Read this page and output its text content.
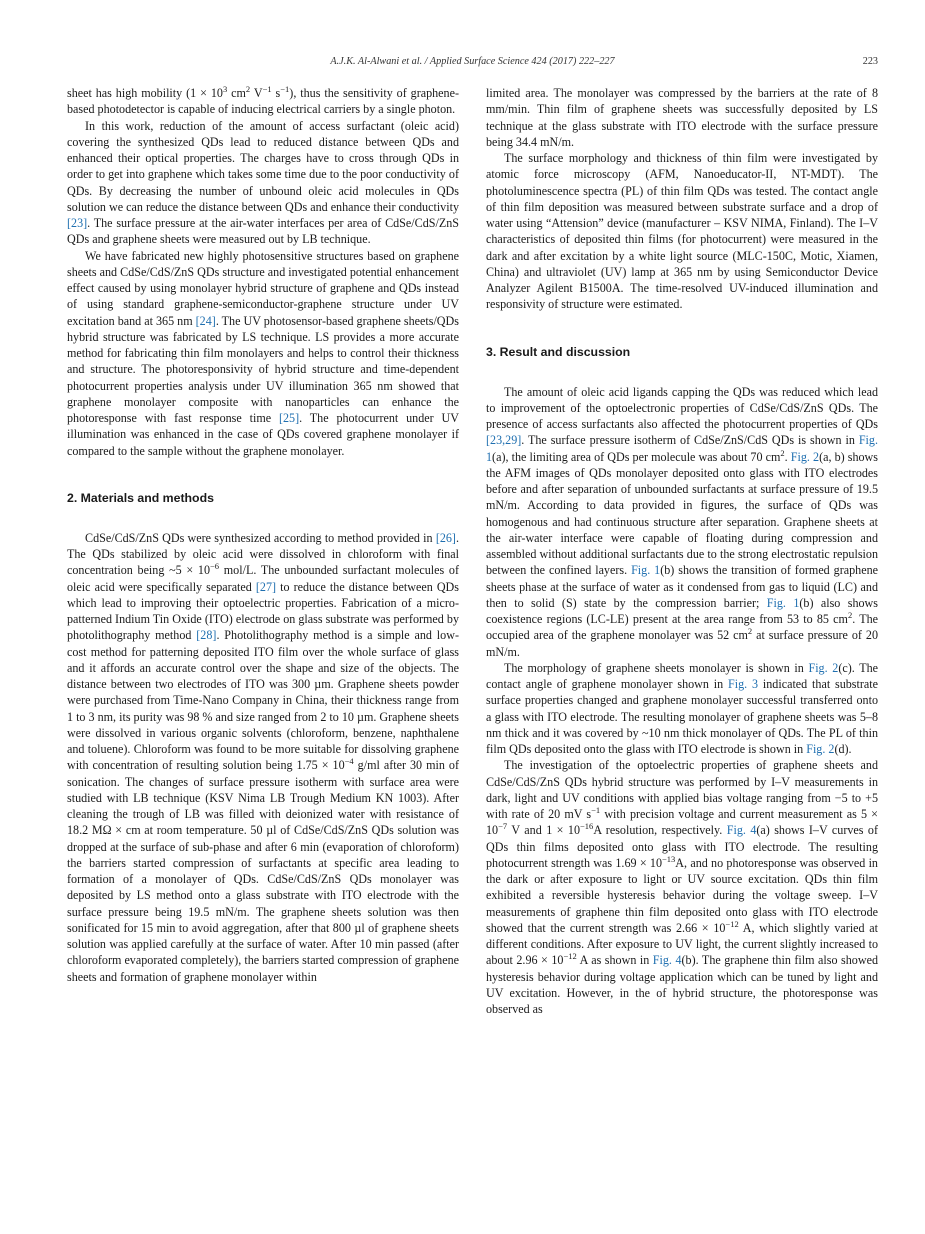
A.J.K. Al-Alwani et al. / Applied Surface Science 424 (2017) 222–227	223

sheet has high mobility ($1 \times 10^3$ $cm^2$ $V^{-1}$ $s^{-1}$), thus the sensitivity of graphene-based photodetector is capable of inducing electrical carriers by a single photon.

In this work, reduction of the amount of access surfactant (oleic acid) covering the synthesized QDs lead to reduced distance between QDs and enhanced their optical properties. The charges have to cross through QDs in order to get into graphene which takes some time due to the poor conductivity of QDs. By decreasing the number of unbound oleic acid molecules in QDs solution we can reduce the distance between QDs and enhance their conductivity [23]. The surface pressure at the air-water interfaces per area of CdSe/CdS/ZnS QDs and graphene sheets were measured out by LB technique.

We have fabricated new highly photosensitive structures based on graphene sheets and CdSe/CdS/ZnS QDs structure and investigated potential enhancement effect caused by using monolayer hybrid structure of graphene and QDs instead of using standard graphene-semiconductor-graphene structure under UV excitation band at 365 nm [24]. The UV photosensor-based graphene sheets/QDs hybrid structure was fabricated by LS technique. LS provides a more accurate method for fabricating thin film monolayers and helps to control their thickness and structure. The photoresponsivity of hybrid structure and time-dependent photocurrent properties analysis under UV illumination 365 nm showed that graphene monolayer composite with nanoparticles can enhance the photoresponse with fast response time [25]. The photocurrent under UV illumination was enhanced in the case of QDs covered graphene monolayer if compared to the sample without the graphene monolayer.

2. Materials and methods

CdSe/CdS/ZnS QDs were synthesized according to method provided in [26]. The QDs stabilized by oleic acid were dissolved in chloroform with final concentration being ~5 × $10^{-6}$ mol/L. The unbounded surfactant molecules of oleic acid were specifically separated [27] to reduce the distance between QDs which lead to improving their optoelectric properties. Fabrication of a micro-patterned Indium Tin Oxide (ITO) electrode on glass substrate was performed by photolithography method [28]. Photolithography method is a simple and low-cost method for patterning deposited ITO film over the whole surface of glass and it affords an accurate control over the shape and size of the objects. The distance between two electrodes of ITO was 300 µm. Graphene sheets powder were purchased from Time-Nano Company in China, their thickness range from 1 to 3 nm, its purity was 98 % and size ranged from 2 to 10 µm. Graphene sheets were dissolved in various organic solvents (chloroform, benzene, naphthalene and toluene). Chloroform was found to be more suitable for dissolving graphene with concentration of resulting solution being $1.75 \times 10^{-4}$ g/ml after 30 min of sonication. The changes of surface pressure isotherm with surface area were studied with LB technique (KSV Nima LB Trough Medium KN 1003). After cleaning the trough of LB was filled with deionized water with resistance of 18.2 MΩ × cm at room temperature. 50 µl of CdSe/CdS/ZnS QDs solution was dropped at the surface of sub-phase and after 6 min (evaporation of chloroform) the barriers started compression of surfactants at specific area leading to formation of a monolayer of QDs. CdSe/CdS/ZnS QDs monolayer was deposited by LS method onto a glass substrate with ITO electrode with the surface pressure being 19.5 mN/m. The graphene sheets solution was then sonificated for 15 min to avoid aggregation, after that 800 µl of graphene sheets solution was applied carefully at the surface of water. After 10 min passed (after chloroform evaporated completely), the barriers started compression of graphene sheets and formation of graphene monolayer within

limited area. The monolayer was compressed by the barriers at the rate of 8 mm/min. Thin film of graphene sheets was successfully deposited by LS technique at the glass substrate with ITO electrode with the surface pressure being 34.4 mN/m.

The surface morphology and thickness of thin film were investigated by atomic force microscopy (AFM, Nanoeducator-II, NT-MDT). The photoluminescence spectra (PL) of thin film QDs was tested. The contact angle of thin film deposition was measured between substrate surface and a drop of water using “Attension” device (manufacturer – KSV NIMA, Finland). The I–V characteristics of deposited thin films (for photocurrent) were measured in the dark and after excitation by a white light source (MLC-150C, Motic, Xiamen, China) and ultraviolet (UV) lamp at 365 nm by using Semiconductor Device Analyzer Agilent B1500A. The time-resolved UV-induced illumination and responsivity of structure were estimated.

3. Result and discussion

The amount of oleic acid ligands capping the QDs was reduced which lead to improvement of the optoelectronic properties of CdSe/CdS/ZnS QDs. The presence of access surfactants also affected the photocurrent properties of QDs [23,29]. The surface pressure isotherm of CdSe/ZnS/CdS QDs is shown in Fig. 1(a), the limiting area of QDs per molecule was about 70 $cm^2$. Fig. 2(a, b) shows the AFM images of QDs monolayer deposited onto glass with ITO electrodes before and after separation of unbounded surfactants at surface pressure of 19.5 mN/m. According to data provided in figures, the surface of QDs was homogenous and had continuous structure after separation. Graphene sheets at the air-water interface were capable of floating during compression and assembled without additional surfactants due to the strong electrostatic repulsion between the confined layers. Fig. 1(b) shows the transition of formed graphene sheets phase at the surface of water as it condensed from gas to liquid (LC) and then to solid (S) state by the compression barrier; Fig. 1(b) also shows coexistence regions (LC-LE) present at the area range from 53 to 85 $cm^2$. The occupied area of the graphene monolayer was 52 $cm^2$ at surface pressure of 20 mN/m.

The morphology of graphene sheets monolayer is shown in Fig. 2(c). The contact angle of graphene monolayer shown in Fig. 3 indicated that substrate surface properties changed and graphene monolayer successful transferred onto a glass with ITO electrode. The resulting monolayer of graphene sheets was 5–8 nm thick and it was covered by ~10 nm thick monolayer of QDs. The PL of thin film QDs deposited onto the glass with ITO electrode is shown in Fig. 2(d).

The investigation of the optoelectric properties of graphene sheets and CdSe/CdS/ZnS QDs hybrid structure was performed by I–V measurements in dark, light and UV conditions with applied bias voltage ranging from −5 to +5 with rate of 20 mV $s^{-1}$ with precision voltage and current measurement as $5 \times 10^{-7}$ V and $1 \times 10^{-16}A$ resolution, respectively. Fig. 4(a) shows I–V curves of QDs thin films deposited onto glass with ITO electrode. The resulting photocurrent strength was $1.69 \times 10^{-13}A$, and no photoresponse was observed in the dark or after exposure to light or UV source excitation. QDs thin film exhibited a reversible hysteresis behavior during the voltage sweep. I–V measurements of graphene thin film deposited onto glass with ITO electrode showed that the current strength was $2.66 \times 10^{-12}$ A, which slightly varied at different conditions. After exposure to UV light, the current slightly increased to about $2.96 \times 10^{-12}$ A as shown in Fig. 4(b). The graphene thin film also showed hysteresis behavior during voltage application which can be tuned by light and UV excitation. However, in the of hybrid structure, the photoresponse was observed as
